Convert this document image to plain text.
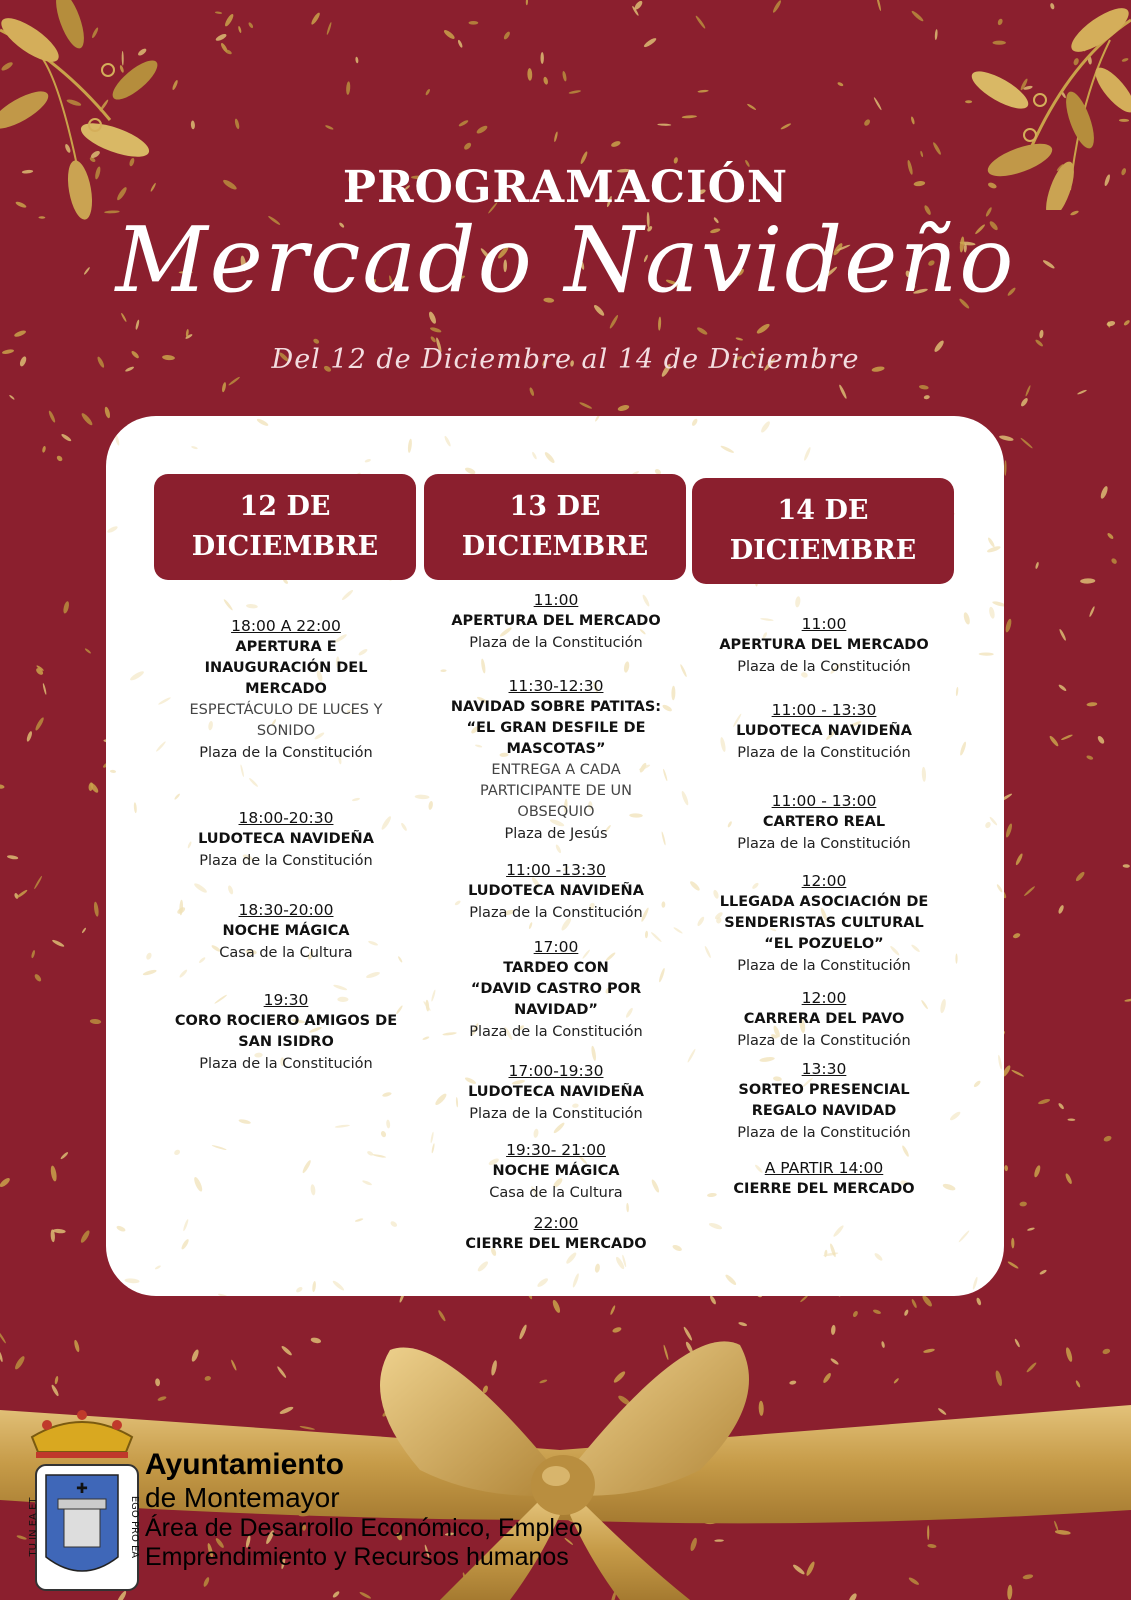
PROGRAMACIÓN
Mercado Navideño
Del 12 de Diciembre al 14 de Diciembre
12 DE
DICIEMBRE
18:00 A 22:00
APERTURA E
INAUGURACIÓN DEL
MERCADO
ESPECTÁCULO DE LUCES Y
SONIDO
Plaza de la Constitución
18:00-20:30
LUDOTECA NAVIDEÑA
Plaza de la Constitución
18:30-20:00
NOCHE MÁGICA
Casa de la Cultura
19:30
CORO ROCIERO AMIGOS DE
SAN ISIDRO
Plaza de la Constitución
13 DE
DICIEMBRE
11:00
APERTURA DEL MERCADO
Plaza de la Constitución
11:30-12:30
NAVIDAD SOBRE PATITAS:
“EL GRAN DESFILE DE
MASCOTAS”
ENTREGA A CADA
PARTICIPANTE DE UN
OBSEQUIO
Plaza de Jesús
11:00 -13:30
LUDOTECA NAVIDEÑA
Plaza de la Constitución
17:00
TARDEO CON
“DAVID CASTRO POR
NAVIDAD”
Plaza de la Constitución
17:00-19:30
LUDOTECA NAVIDEÑA
Plaza de la Constitución
19:30- 21:00
NOCHE MÁGICA
Casa de la Cultura
22:00
CIERRE DEL MERCADO
14 DE
DICIEMBRE
11:00
APERTURA DEL MERCADO
Plaza de la Constitución
11:00 - 13:30
LUDOTECA NAVIDEÑA
Plaza de la Constitución
11:00 - 13:00
CARTERO REAL
Plaza de la Constitución
12:00
LLEGADA ASOCIACIÓN DE
SENDERISTAS CULTURAL
“EL POZUELO”
Plaza de la Constitución
12:00
CARRERA DEL PAVO
Plaza de la Constitución
13:30
SORTEO PRESENCIAL
REGALO NAVIDAD
Plaza de la Constitución
A PARTIR 14:00
CIERRE DEL MERCADO
✚
TU IN EA ET	EGO PRO EA
Ayuntamiento
de Montemayor
Área de Desarrollo Económico, Empleo
Emprendimiento y Recursos humanos
